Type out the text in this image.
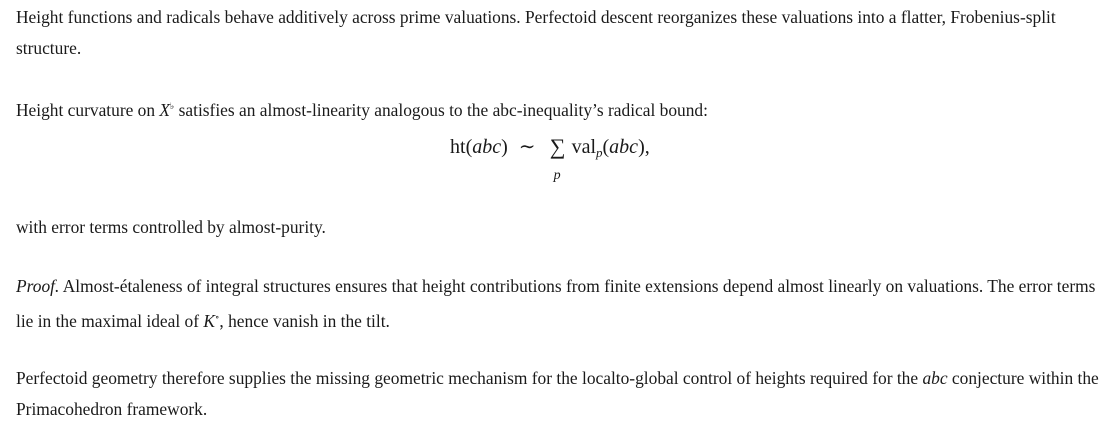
Height functions and radicals behave additively across prime valuations. Perfectoid descent reorganizes these valuations into a flatter, Frobenius-split structure.

Height curvature on X♭ satisfies an almost-linearity analogous to the abc-inequality’s radical bound:

ht(abc) ∼ ∑
p
valp(abc),

with error terms controlled by almost-purity.

Proof. Almost-étaleness of integral structures ensures that height contributions from finite extensions depend almost linearly on valuations. The error terms lie in the maximal ideal of K∘, hence vanish in the tilt.

Perfectoid geometry therefore supplies the missing geometric mechanism for the localto-global control of heights required for the abc conjecture within the Primacohedron framework.
